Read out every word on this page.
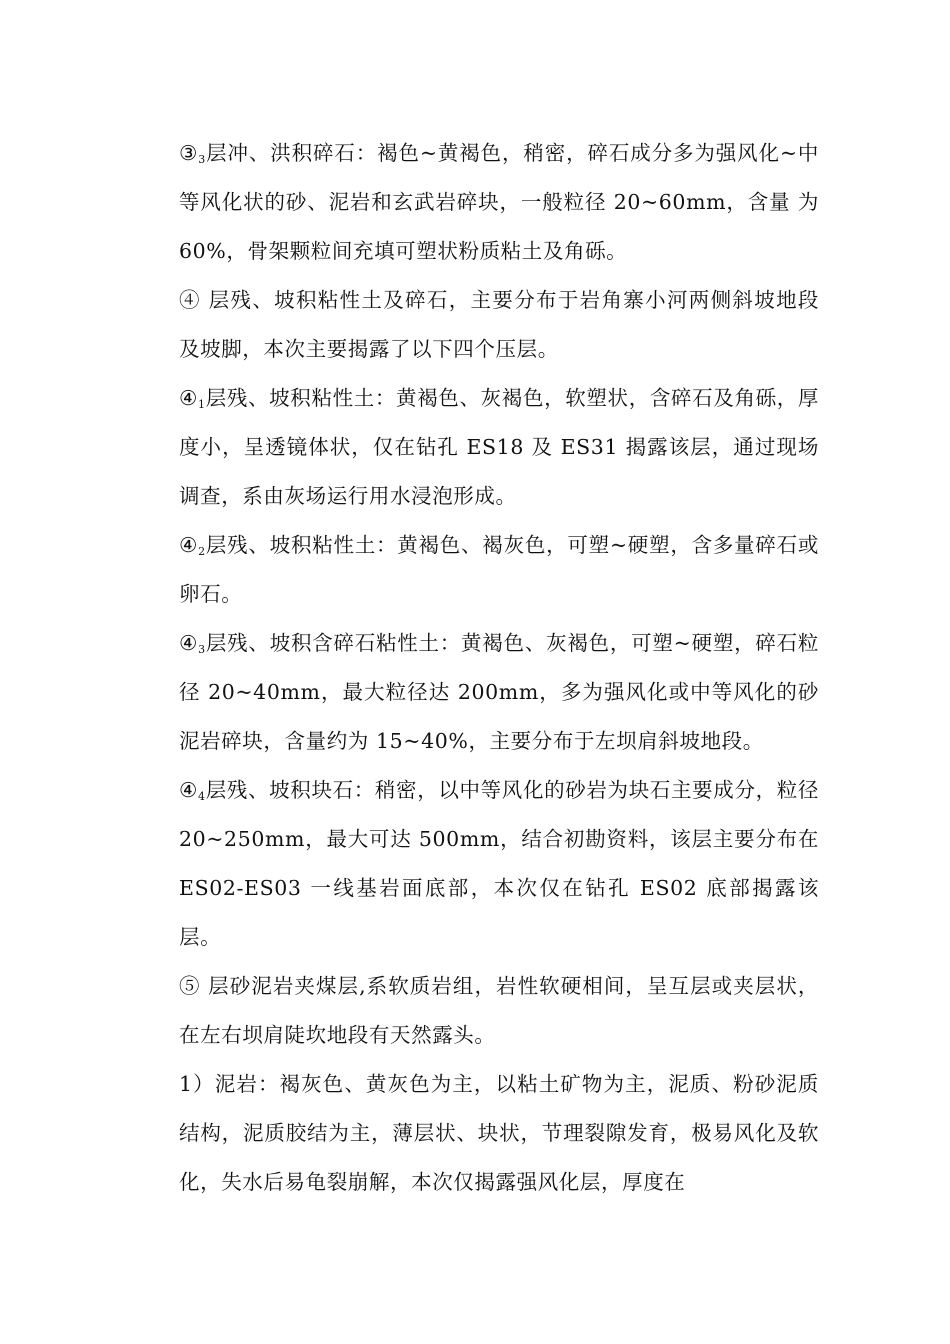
$③_3$层冲、洪积碎石：褐色~黄褐色，稍密，碎石成分多为强风化~中等风化状的砂、泥岩和玄武岩碎块，一般粒径 20~60mm，含量 为 60%，骨架颗粒间充填可塑状粉质粘土及角砾。

④ 层残、坡积粘性土及碎石，主要分布于岩角寨小河两侧斜坡地段及坡脚，本次主要揭露了以下四个压层。

$④_1$层残、坡积粘性土：黄褐色、灰褐色，软塑状，含碎石及角砾，厚度小，呈透镜体状，仅在钻孔 ES18 及 ES31 揭露该层，通过现场调查，系由灰场运行用水浸泡形成。

$④_2$层残、坡积粘性土：黄褐色、褐灰色，可塑~硬塑，含多量碎石或卵石。

$④_3$层残、坡积含碎石粘性土：黄褐色、灰褐色，可塑~硬塑，碎石粒径 20~40mm，最大粒径达 200mm，多为强风化或中等风化的砂泥岩碎块，含量约为 15~40%，主要分布于左坝肩斜坡地段。

$④_4$层残、坡积块石：稍密，以中等风化的砂岩为块石主要成分，粒径 20~250mm，最大可达 500mm，结合初勘资料，该层主要分布在 ES02-ES03 一线基岩面底部，本次仅在钻孔 ES02 底部揭露该层。

⑤ 层砂泥岩夹煤层,系软质岩组，岩性软硬相间，呈互层或夹层状，在左右坝肩陡坎地段有天然露头。

1）泥岩：褐灰色、黄灰色为主，以粘土矿物为主，泥质、粉砂泥质结构，泥质胶结为主，薄层状、块状，节理裂隙发育，极易风化及软化，失水后易龟裂崩解，本次仅揭露强风化层，厚度在
